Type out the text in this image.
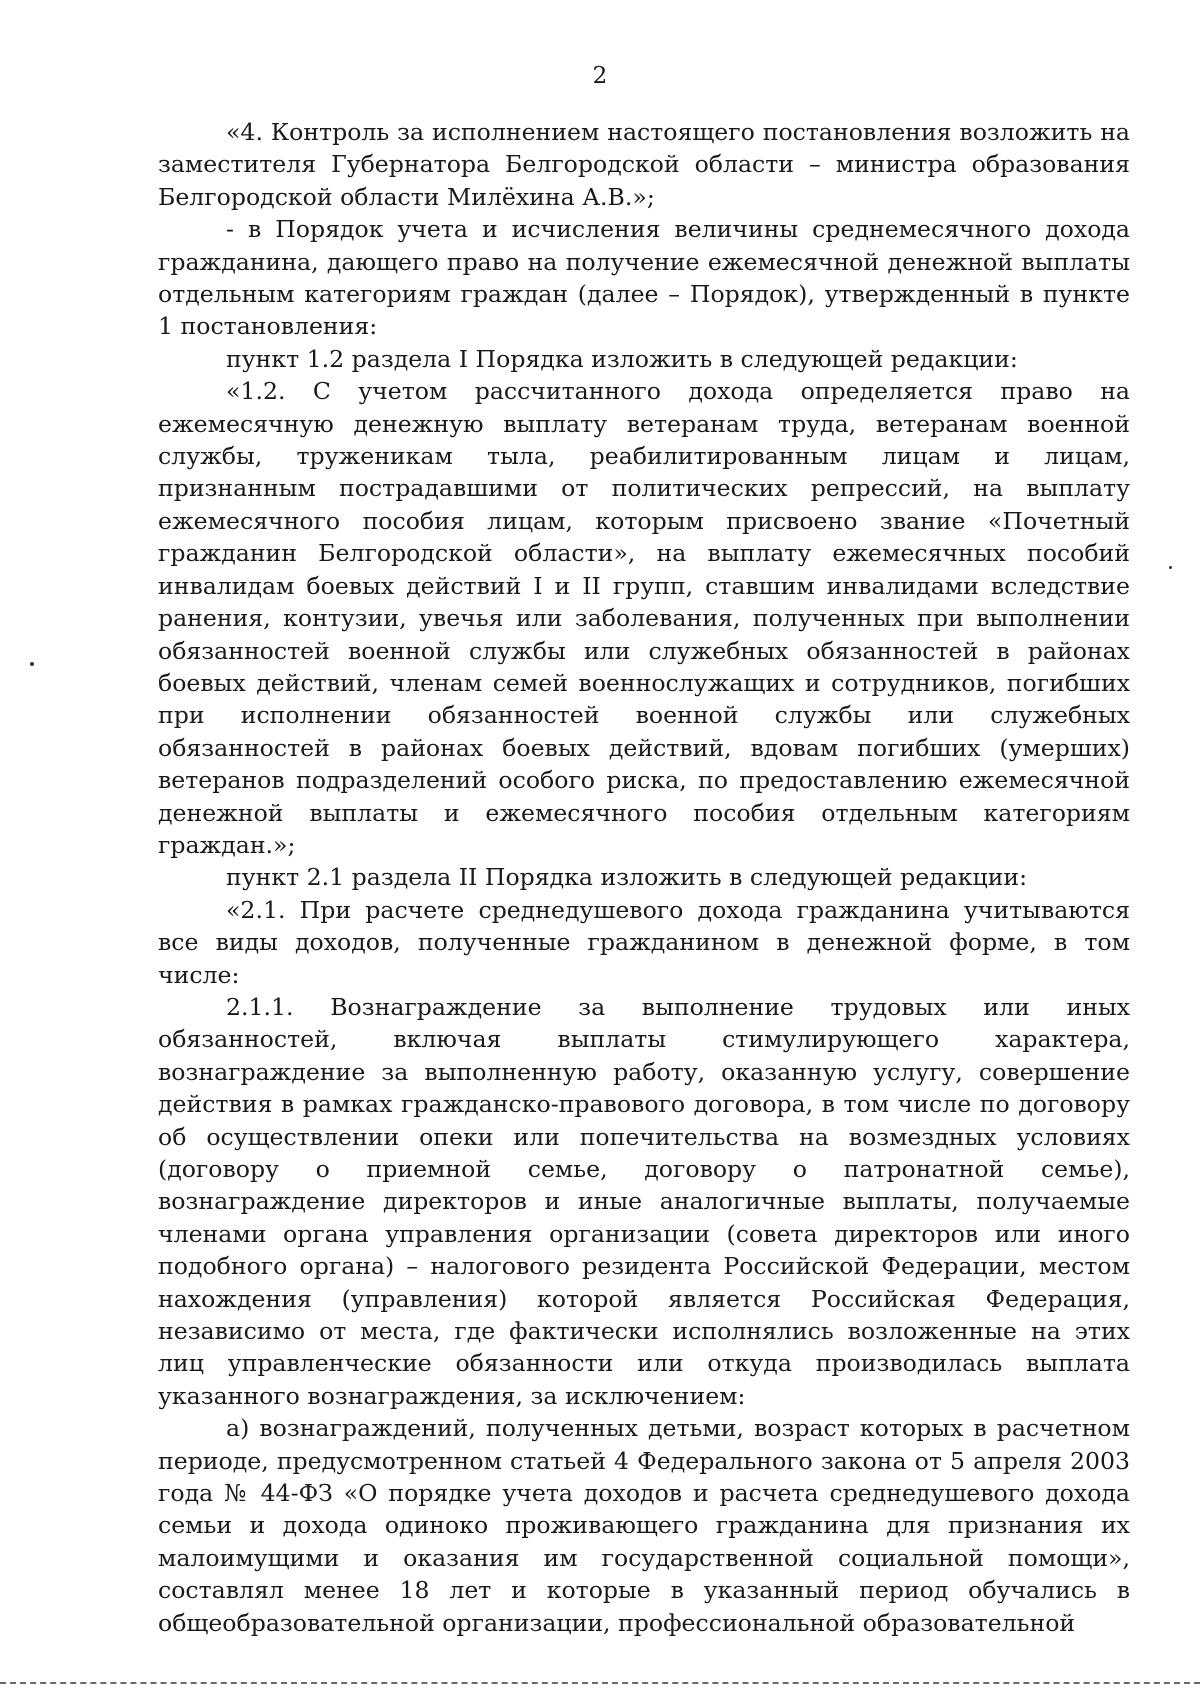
2

«4. Контроль за исполнением настоящего постановления возложить на заместителя Губернатора Белгородской области – министра образования Белгородской области Милёхина А.В.»;

- в Порядок учета и исчисления величины среднемесячного дохода гражданина, дающего право на получение ежемесячной денежной выплаты отдельным категориям граждан (далее – Порядок), утвержденный в пункте 1 постановления:

пункт 1.2 раздела I Порядка изложить в следующей редакции:

«1.2. С учетом рассчитанного дохода определяется право на ежемесячную денежную выплату ветеранам труда, ветеранам военной службы, труженикам тыла, реабилитированным лицам и лицам, признанным пострадавшими от политических репрессий, на выплату ежемесячного пособия лицам, которым присвоено звание «Почетный гражданин Белгородской области», на выплату ежемесячных пособий инвалидам боевых действий I и II групп, ставшим инвалидами вследствие ранения, контузии, увечья или заболевания, полученных при выполнении обязанностей военной службы или служебных обязанностей в районах боевых действий, членам семей военнослужащих и сотрудников, погибших при исполнении обязанностей военной службы или служебных обязанностей в районах боевых действий, вдовам погибших (умерших) ветеранов подразделений особого риска, по предоставлению ежемесячной денежной выплаты и ежемесячного пособия отдельным категориям граждан.»;

пункт 2.1 раздела II Порядка изложить в следующей редакции:

«2.1. При расчете среднедушевого дохода гражданина учитываются все виды доходов, полученные гражданином в денежной форме, в том числе:

2.1.1. Вознаграждение за выполнение трудовых или иных обязанностей, включая выплаты стимулирующего характера, вознаграждение за выполненную работу, оказанную услугу, совершение действия в рамках гражданско-правового договора, в том числе по договору об осуществлении опеки или попечительства на возмездных условиях (договору о приемной семье, договору о патронатной семье), вознаграждение директоров и иные аналогичные выплаты, получаемые членами органа управления организации (совета директоров или иного подобного органа) – налогового резидента Российской Федерации, местом нахождения (управления) которой является Российская Федерация, независимо от места, где фактически исполнялись возложенные на этих лиц управленческие обязанности или откуда производилась выплата указанного вознаграждения, за исключением:

а) вознаграждений, полученных детьми, возраст которых в расчетном периоде, предусмотренном статьей 4 Федерального закона от 5 апреля 2003 года № 44-ФЗ «О порядке учета доходов и расчета среднедушевого дохода семьи и дохода одиноко проживающего гражданина для признания их малоимущими и оказания им государственной социальной помощи», составлял менее 18 лет и которые в указанный период обучались в общеобразовательной организации, профессиональной образовательной
